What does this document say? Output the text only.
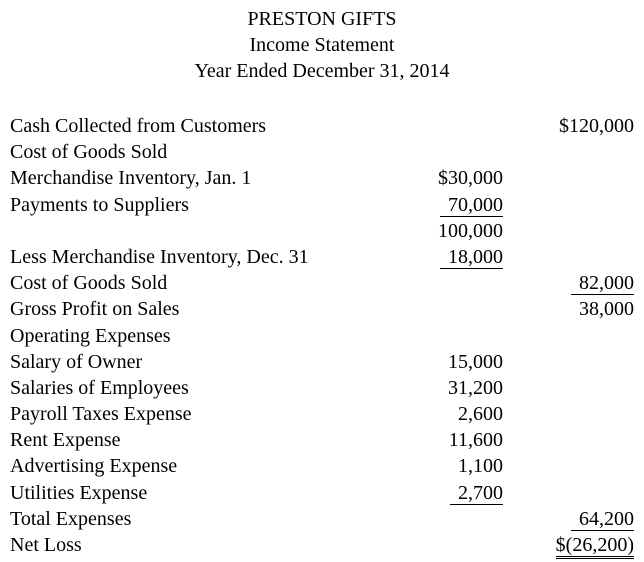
PRESTON GIFTS
Income Statement
Year Ended December 31, 2014
Cash Collected from Customers	$120,000
Cost of Goods Sold
Merchandise Inventory, Jan. 1	$30,000
Payments to Suppliers	70,000
100,000
Less Merchandise Inventory, Dec. 31	18,000
Cost of Goods Sold	82,000
Gross Profit on Sales	38,000
Operating Expenses
Salary of Owner	15,000
Salaries of Employees	31,200
Payroll Taxes Expense	2,600
Rent Expense	11,600
Advertising Expense	1,100
Utilities Expense	2,700
Total Expenses	64,200
Net Loss	$(26,200)
